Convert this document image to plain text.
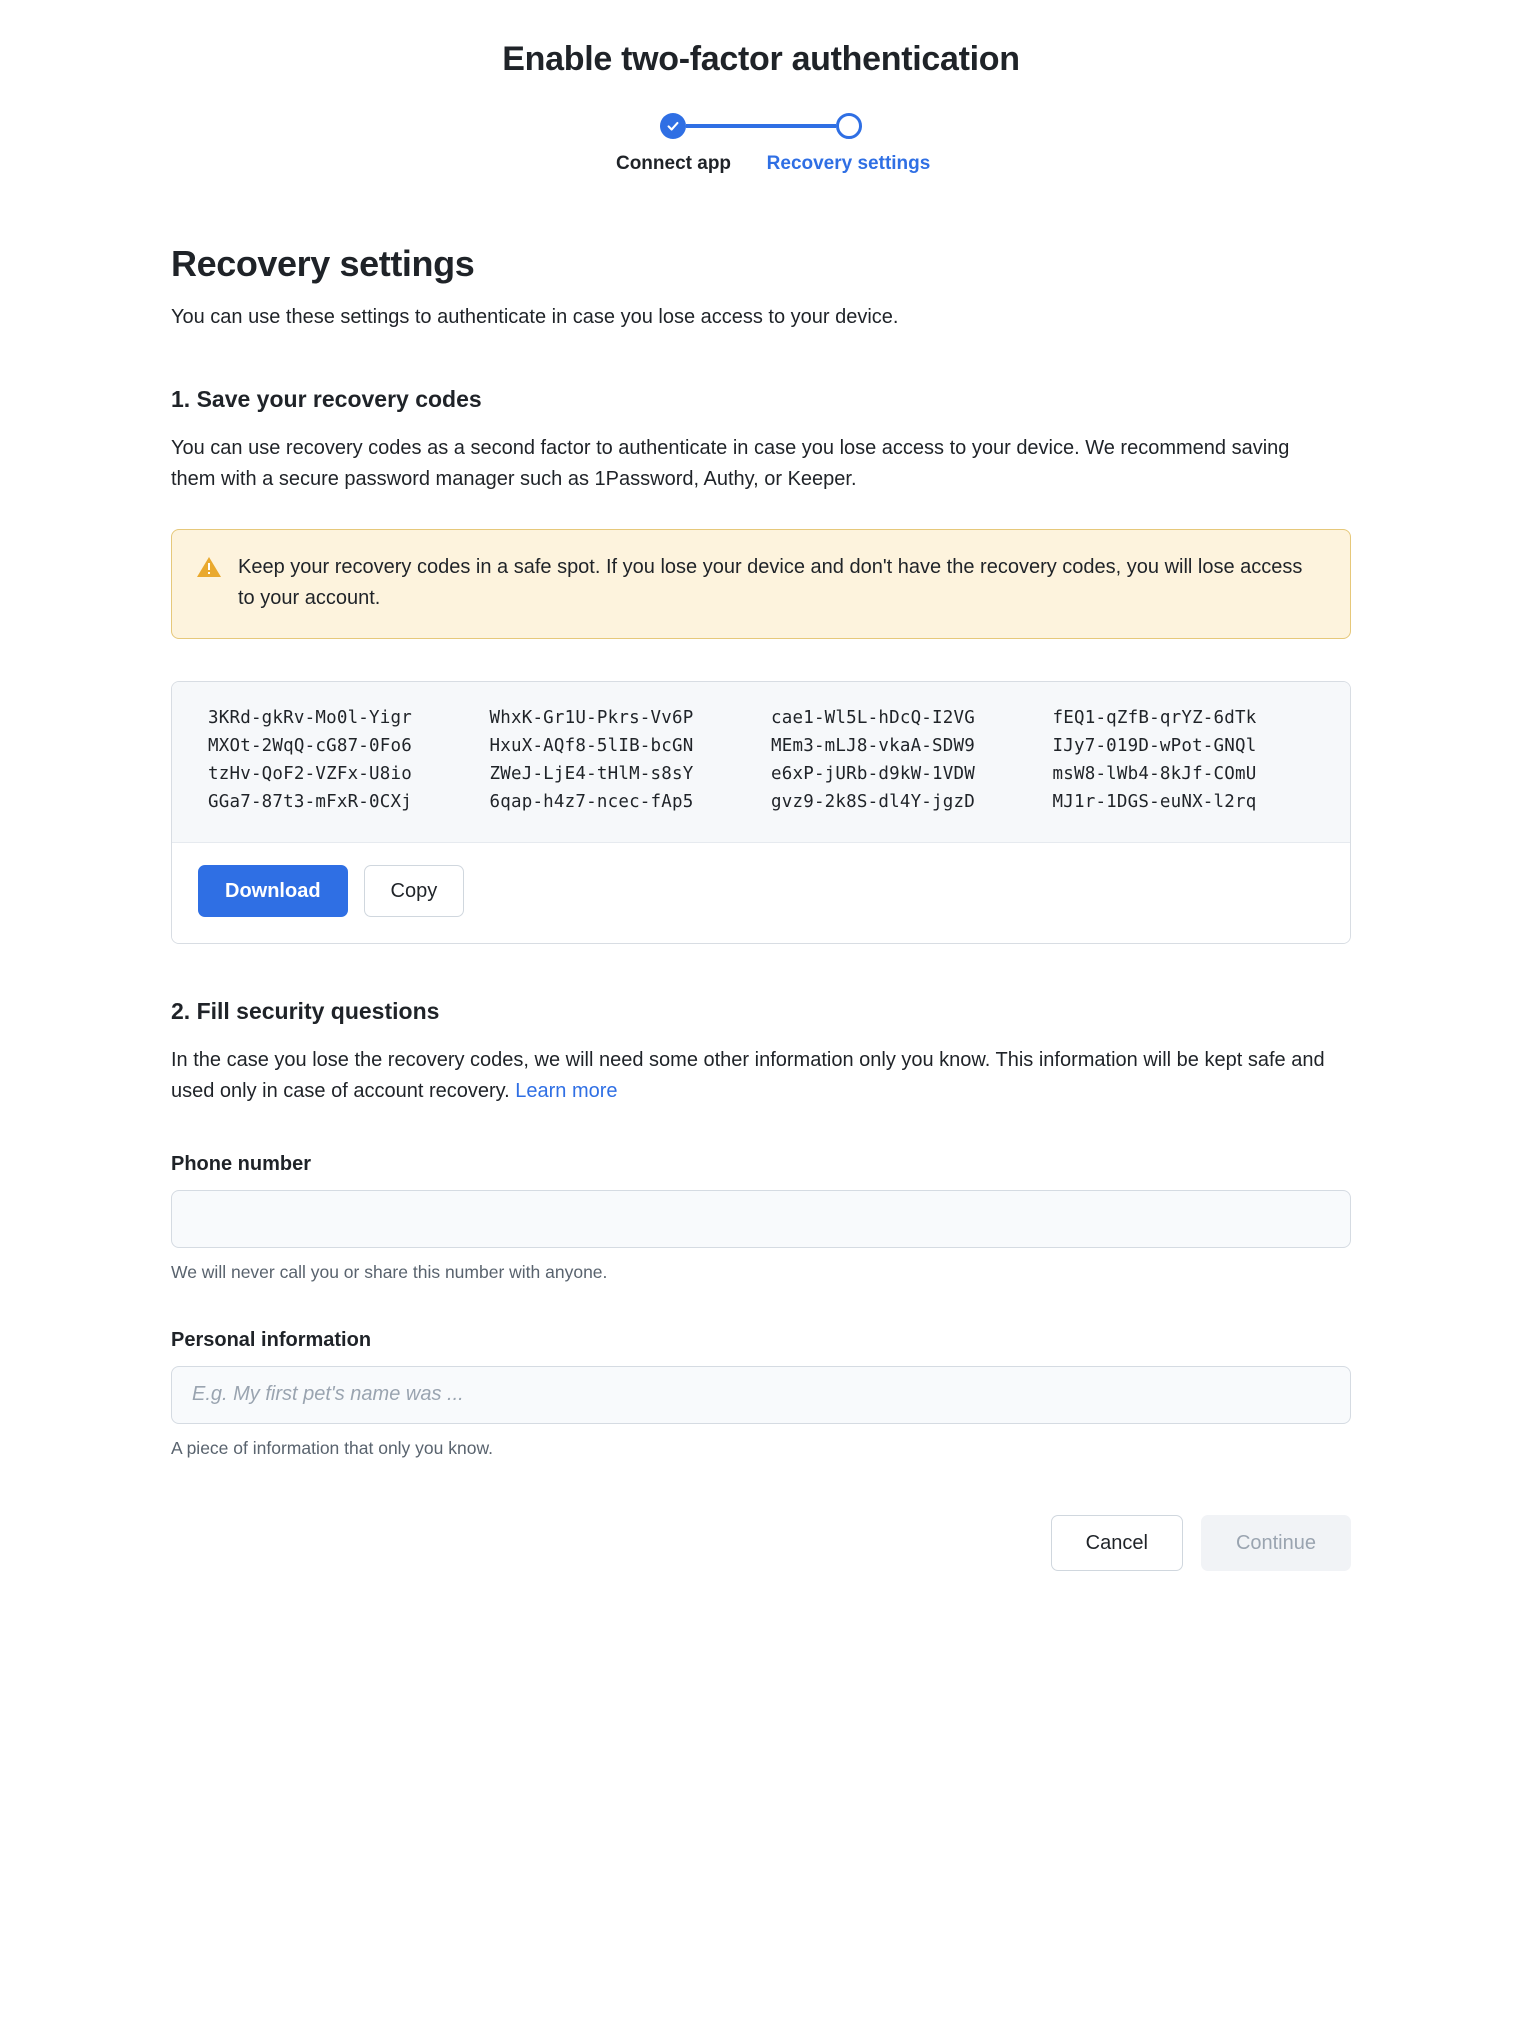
Enable two-factor authentication
Connect app	Recovery settings
Recovery settings

You can use these settings to authenticate in case you lose access to your device.

1. Save your recovery codes

You can use recovery codes as a second factor to authenticate in case you lose access to your device. We recommend saving them with a secure password manager such as 1Password, Authy, or Keeper.

Keep your recovery codes in a safe spot. If you lose your device and don't have the recovery codes, you will lose access to your account.
3KRd-gkRv-Mo0l-Yigr	WhxK-Gr1U-Pkrs-Vv6P	cae1-Wl5L-hDcQ-I2VG	fEQ1-qZfB-qrYZ-6dTk
MXOt-2WqQ-cG87-0Fo6	HxuX-AQf8-5lIB-bcGN	MEm3-mLJ8-vkaA-SDW9	IJy7-019D-wPot-GNQl
tzHv-QoF2-VZFx-U8io	ZWeJ-LjE4-tHlM-s8sY	e6xP-jURb-d9kW-1VDW	msW8-lWb4-8kJf-COmU
GGa7-87t3-mFxR-0CXj	6qap-h4z7-ncec-fAp5	gvz9-2k8S-dl4Y-jgzD	MJ1r-1DGS-euNX-l2rq
Download	Copy
2. Fill security questions

In the case you lose the recovery codes, we will need some other information only you know. This information will be kept safe and used only in case of account recovery. Learn more

Phone number

We will never call you or share this number with anyone.

Personal information
E.g. My first pet's name was ...

A piece of information that only you know.

Cancel	Continue
